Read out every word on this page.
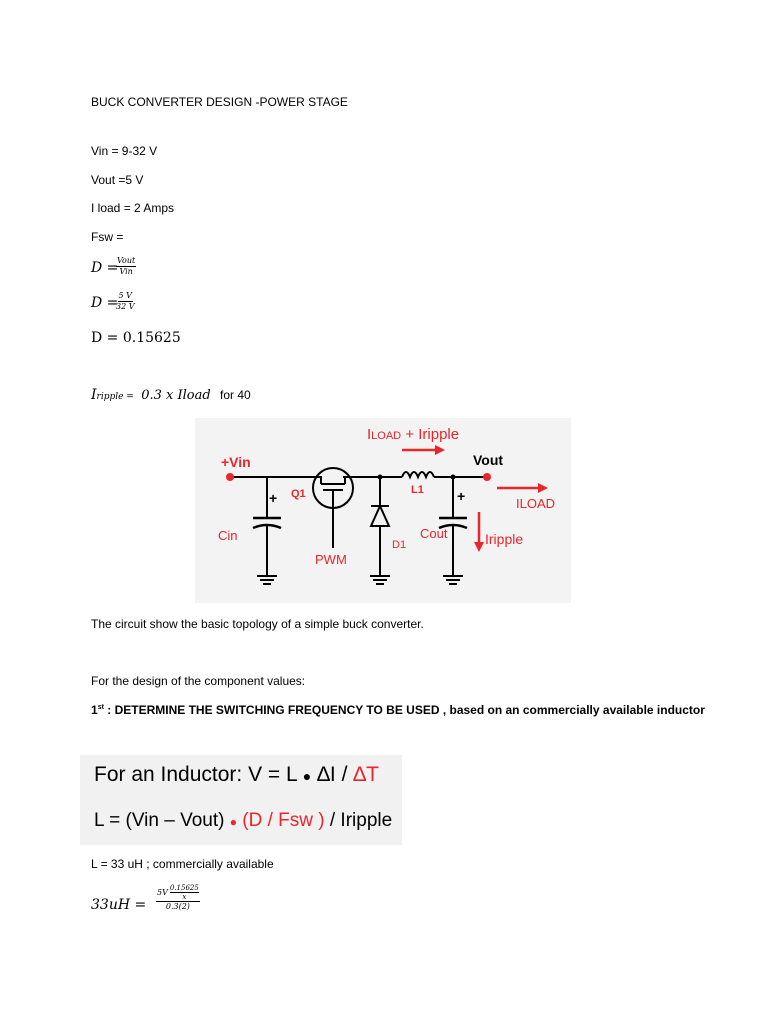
BUCK CONVERTER DESIGN -POWER STAGE
Vin = 9-32 V
Vout =5 V
I load = 2 Amps
Fsw =
D =
Vout
Vin
D =
$\frac{5 V}{32 V}$
D = 0.15625
Iripple = 0.3 x Iload for 40
+Vin	Vout
Q1	L1
Cin	Cout
D1
PWM
+	+
ILOAD + Iripple
ILOAD
Iripple
The circuit show the basic topology of a simple buck converter.
For the design of the component values:
1st : DETERMINE THE SWITCHING FREQUENCY TO BE USED , based on an commercially available inductor
For an Inductor: V = L ● ∆I / ∆T
L = (Vin – Vout) ● (D / Fsw ) / Iripple
L = 33 uH ; commercially available
$33uH = \frac{5V \frac{0.15625}{x}}{0.3(2)}$
